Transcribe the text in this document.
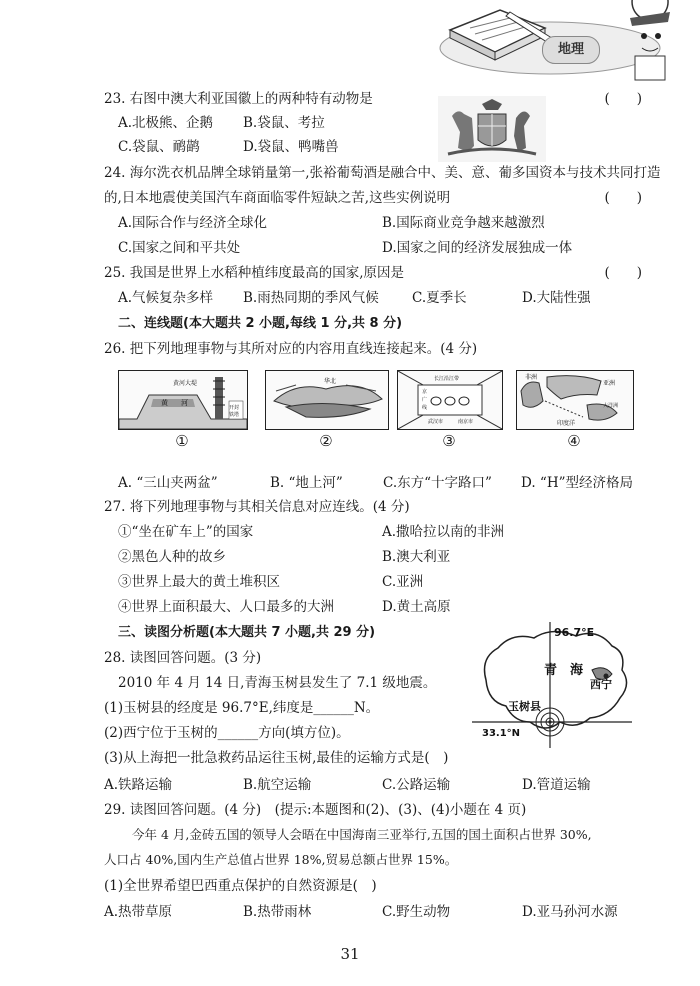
地理
23. 右图中澳大利亚国徽上的两种特有动物是	(　　)
A.北极熊、企鹅 B.袋鼠、考拉
C.袋鼠、鸸鹋	D.袋鼠、鸭嘴兽
24. 海尔洗衣机品牌全球销量第一,张裕葡萄酒是融合中、美、意、葡多国资本与技术共同打造
的,日本地震使美国汽车商面临零件短缺之苦,这些实例说明	(　　)
A.国际合作与经济全球化	B.国际商业竞争越来越激烈
C.国家之间和平共处	D.国家之间的经济发展独成一体
25. 我国是世界上水稻种植纬度最高的国家,原因是	(　　)
A.气候复杂多样 B.雨热同期的季风气候 C.夏季长	D.大陆性强
二、连线题(本大题共 2 小题,每线 1 分,共 8 分)
26. 把下列地理事物与其所对应的内容用直线连接起来。(4 分)
黄 河
黄河大堤
开封
铁塔
华北	长江沿江带
京
广
线
武汉市	南京市
非洲
亚洲
大洋洲
印度洋
①	②	③	④
A. “三山夹两盆”	B. “地上河”	C.东方“十字路口” D. “H”型经济格局
27. 将下列地理事物与其相关信息对应连线。(4 分)
①“坐在矿车上”的国家	A.撒哈拉以南的非洲
②黑色人种的故乡	B.澳大利亚
③世界上最大的黄土堆积区	C.亚洲
④世界上面积最大、人口最多的大洲	D.黄土高原
三、读图分析题(本大题共 7 小题,共 29 分)
28. 读图回答问题。(3 分)
2010 年 4 月 14 日,青海玉树县发生了 7.1 级地震。
(1)玉树县的经度是 96.7°E,纬度是______N。
(2)西宁位于玉树的______方向(填方位)。
(3)从上海把一批急救药品运往玉树,最佳的运输方式是(　)
A.铁路运输	B.航空运输	C.公路运输	D.管道运输
96.7°E
青　海
西宁
玉树县
33.1°N
29. 读图回答问题。(4 分)　(提示:本题图和(2)、(3)、(4)小题在 4 页)
今年 4 月,金砖五国的领导人会晤在中国海南三亚举行,五国的国土面积占世界 30%,
人口占 40%,国内生产总值占世界 18%,贸易总额占世界 15%。
(1)全世界希望巴西重点保护的自然资源是(　)
A.热带草原	B.热带雨林	C.野生动物	D.亚马孙河水源
31
